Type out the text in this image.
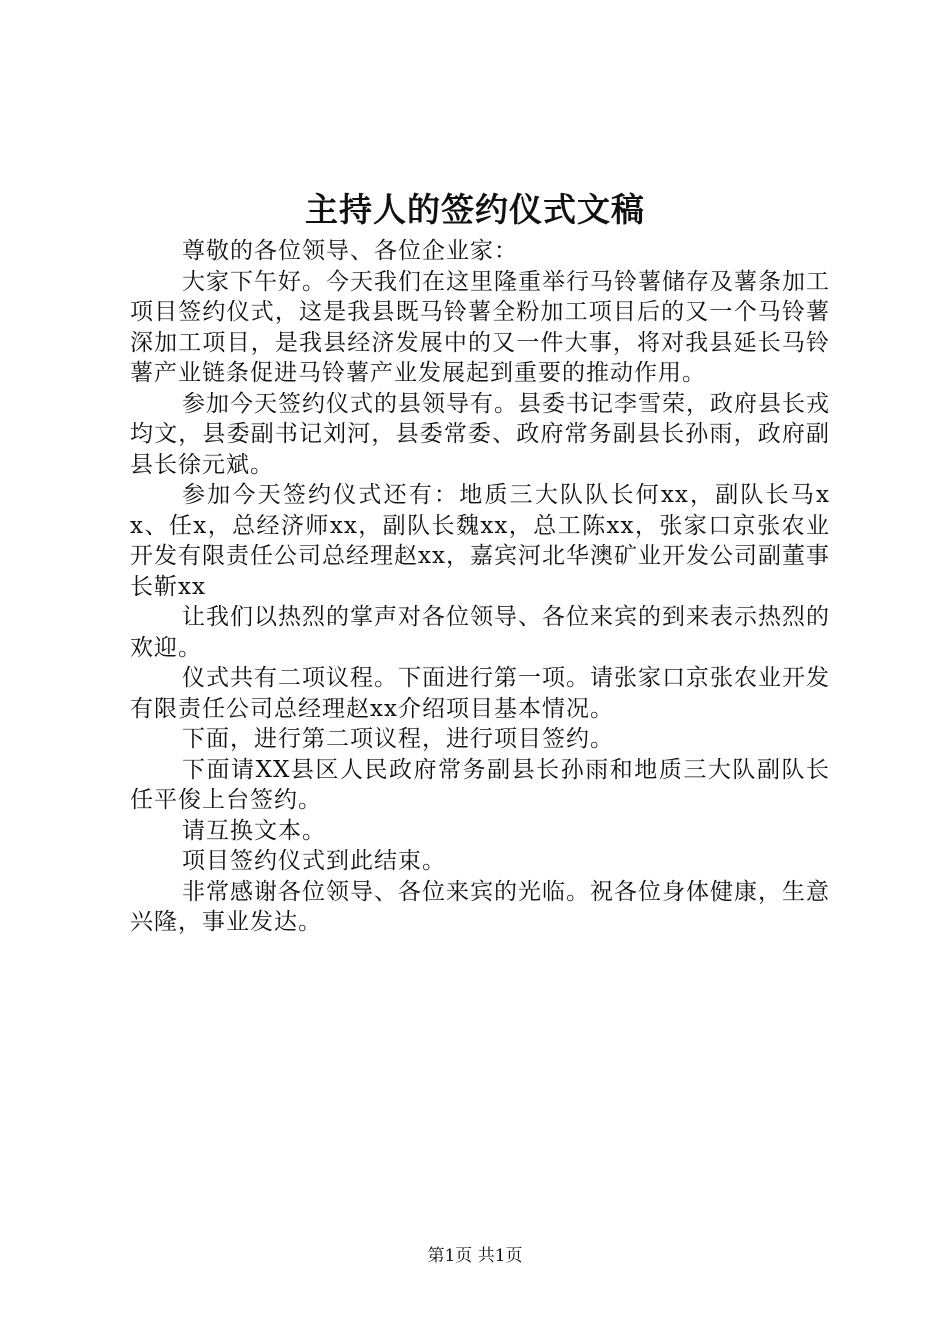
主持人的签约仪式文稿

尊敬的各位领导、各位企业家：

大家下午好。今天我们在这里隆重举行马铃薯储存及薯条加工项目签约仪式，这是我县既马铃薯全粉加工项目后的又一个马铃薯深加工项目，是我县经济发展中的又一件大事，将对我县延长马铃薯产业链条促进马铃薯产业发展起到重要的推动作用。

参加今天签约仪式的县领导有。县委书记李雪荣，政府县长戎均文，县委副书记刘河，县委常委、政府常务副县长孙雨，政府副县长徐元斌。

参加今天签约仪式还有：地质三大队队长何xx，副队长马xx、任x，总经济师xx，副队长魏xx，总工陈xx，张家口京张农业开发有限责任公司总经理赵xx，嘉宾河北华澳矿业开发公司副董事长靳xx

让我们以热烈的掌声对各位领导、各位来宾的到来表示热烈的欢迎。

仪式共有二项议程。下面进行第一项。请张家口京张农业开发有限责任公司总经理赵xx介绍项目基本情况。

下面，进行第二项议程，进行项目签约。

下面请XX县区人民政府常务副县长孙雨和地质三大队副队长任平俊上台签约。

请互换文本。

项目签约仪式到此结束。

非常感谢各位领导、各位来宾的光临。祝各位身体健康，生意兴隆，事业发达。

第1页 共1页
